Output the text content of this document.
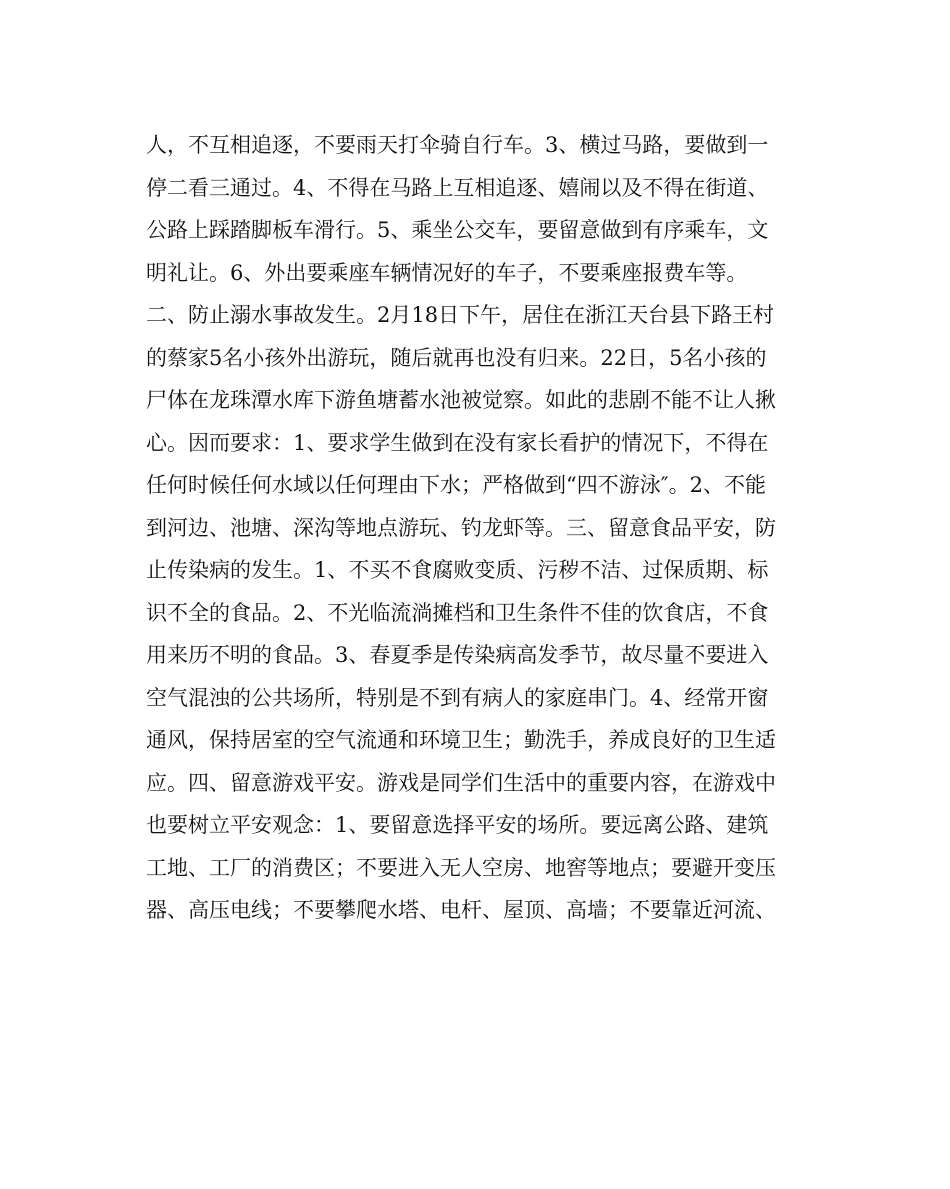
人，不互相追逐，不要雨天打伞骑自行车。3、横过马路，要做到一
停二看三通过。4、不得在马路上互相追逐、嬉闹以及不得在街道、
公路上踩踏脚板车滑行。5、乘坐公交车，要留意做到有序乘车，文
明礼让。6、外出要乘座车辆情况好的车子，不要乘座报费车等。
二、防止溺水事故发生。2月18日下午，居住在浙江天台县下路王村
的蔡家5名小孩外出游玩，随后就再也没有归来。22日，5名小孩的
尸体在龙珠潭水库下游鱼塘蓄水池被觉察。如此的悲剧不能不让人揪
心。因而要求：1、要求学生做到在没有家长看护的情况下，不得在
任何时候任何水域以任何理由下水；严格做到“四不游泳″。2、不能
到河边、池塘、深沟等地点游玩、钓龙虾等。三、留意食品平安，防
止传染病的发生。1、不买不食腐败变质、污秽不洁、过保质期、标
识不全的食品。2、不光临流淌摊档和卫生条件不佳的饮食店，不食
用来历不明的食品。3、春夏季是传染病高发季节，故尽量不要进入
空气混浊的公共场所，特别是不到有病人的家庭串门。4、经常开窗
通风，保持居室的空气流通和环境卫生；勤洗手，养成良好的卫生适
应。四、留意游戏平安。游戏是同学们生活中的重要内容，在游戏中
也要树立平安观念：1、要留意选择平安的场所。要远离公路、建筑
工地、工厂的消费区；不要进入无人空房、地窖等地点；要避开变压
器、高压电线；不要攀爬水塔、电杆、屋顶、高墙；不要靠近河流、
